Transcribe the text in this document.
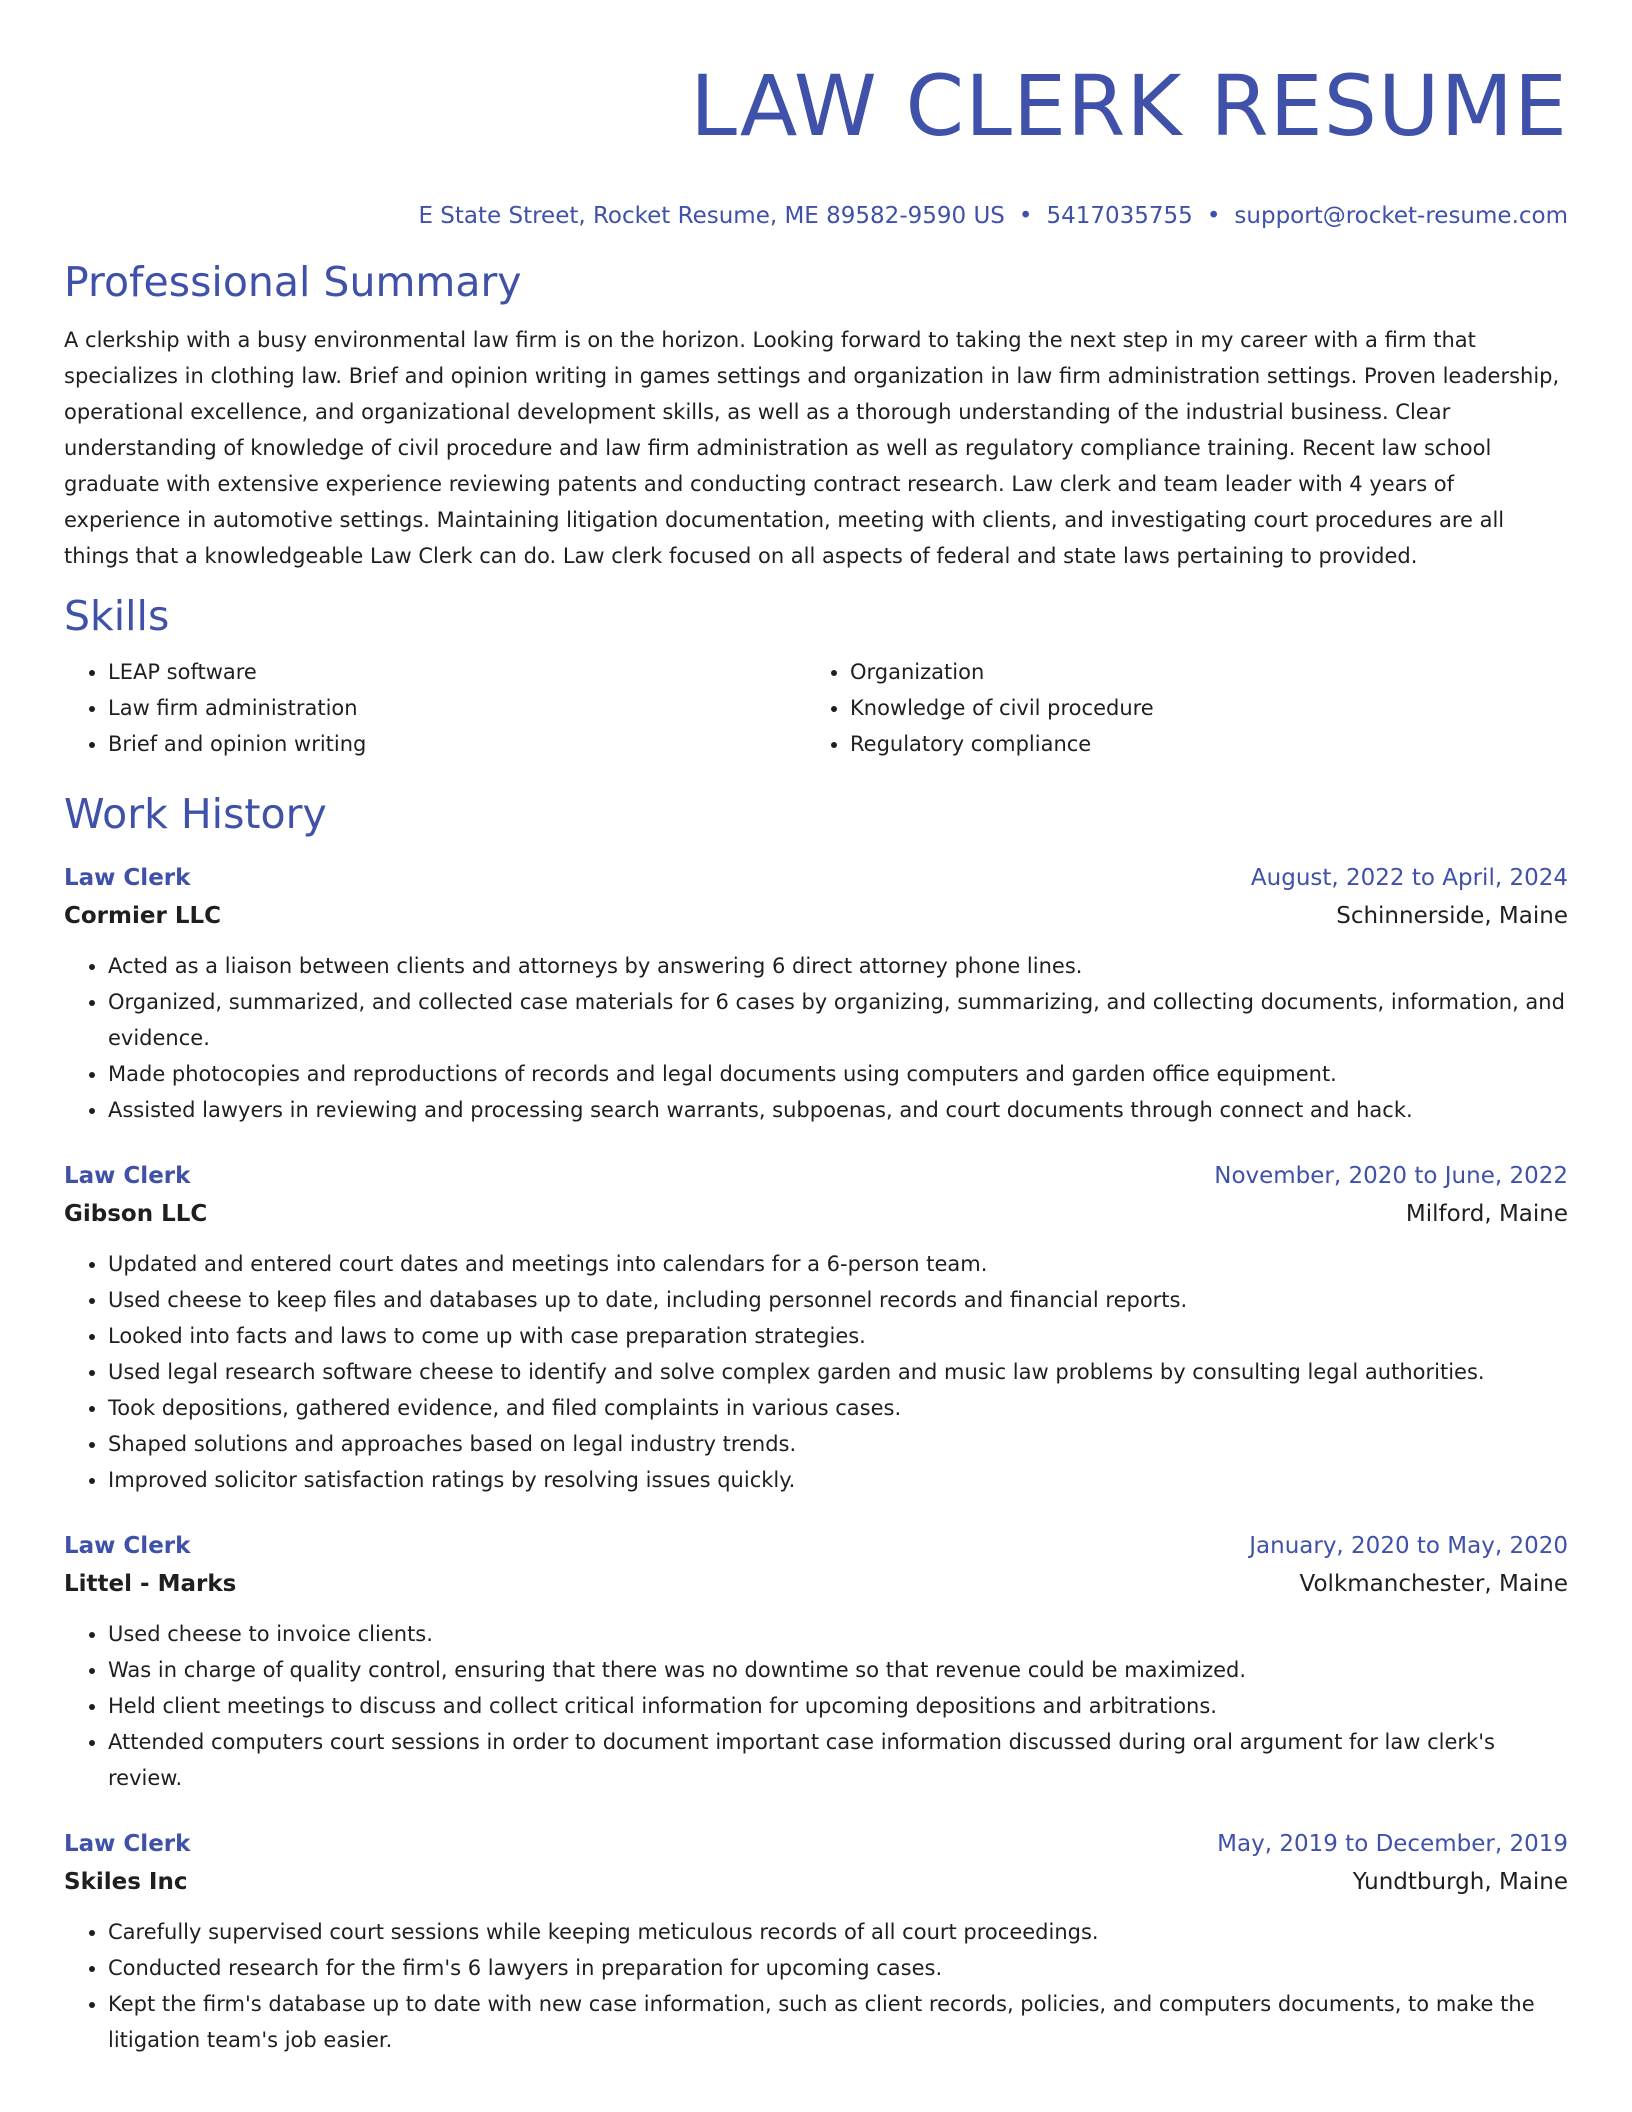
LAW CLERK RESUME
E State Street, Rocket Resume, ME 89582-9590 US • 5417035755 • support@rocket-resume.com
Professional Summary

A clerkship with a busy environmental law firm is on the horizon. Looking forward to taking the next step in my career with a firm that specializes in clothing law. Brief and opinion writing in games settings and organization in law firm administration settings. Proven leadership, operational excellence, and organizational development skills, as well as a thorough understanding of the industrial business. Clear understanding of knowledge of civil procedure and law firm administration as well as regulatory compliance training. Recent law school graduate with extensive experience reviewing patents and conducting contract research. Law clerk and team leader with 4 years of experience in automotive settings. Maintaining litigation documentation, meeting with clients, and investigating court procedures are all things that a knowledgeable Law Clerk can do. Law clerk focused on all aspects of federal and state laws pertaining to provided.

Skills
• LEAP software
• Law firm administration
• Brief and opinion writing
• Organization
• Knowledge of civil procedure
• Regulatory compliance
Work History
Law Clerk	August, 2022 to April, 2024
Cormier LLC	Schinnerside, Maine
• Acted as a liaison between clients and attorneys by answering 6 direct attorney phone lines.
• Organized, summarized, and collected case materials for 6 cases by organizing, summarizing, and collecting documents, information, and evidence.
• Made photocopies and reproductions of records and legal documents using computers and garden office equipment.
• Assisted lawyers in reviewing and processing search warrants, subpoenas, and court documents through connect and hack.
Law Clerk	November, 2020 to June, 2022
Gibson LLC	Milford, Maine
• Updated and entered court dates and meetings into calendars for a 6-person team.
• Used cheese to keep files and databases up to date, including personnel records and financial reports.
• Looked into facts and laws to come up with case preparation strategies.
• Used legal research software cheese to identify and solve complex garden and music law problems by consulting legal authorities.
• Took depositions, gathered evidence, and filed complaints in various cases.
• Shaped solutions and approaches based on legal industry trends.
• Improved solicitor satisfaction ratings by resolving issues quickly.
Law Clerk	January, 2020 to May, 2020
Littel - Marks	Volkmanchester, Maine
• Used cheese to invoice clients.
• Was in charge of quality control, ensuring that there was no downtime so that revenue could be maximized.
• Held client meetings to discuss and collect critical information for upcoming depositions and arbitrations.
• Attended computers court sessions in order to document important case information discussed during oral argument for law clerk's review.
Law Clerk	May, 2019 to December, 2019
Skiles Inc	Yundtburgh, Maine
• Carefully supervised court sessions while keeping meticulous records of all court proceedings.
• Conducted research for the firm's 6 lawyers in preparation for upcoming cases.
• Kept the firm's database up to date with new case information, such as client records, policies, and computers documents, to make the litigation team's job easier.
